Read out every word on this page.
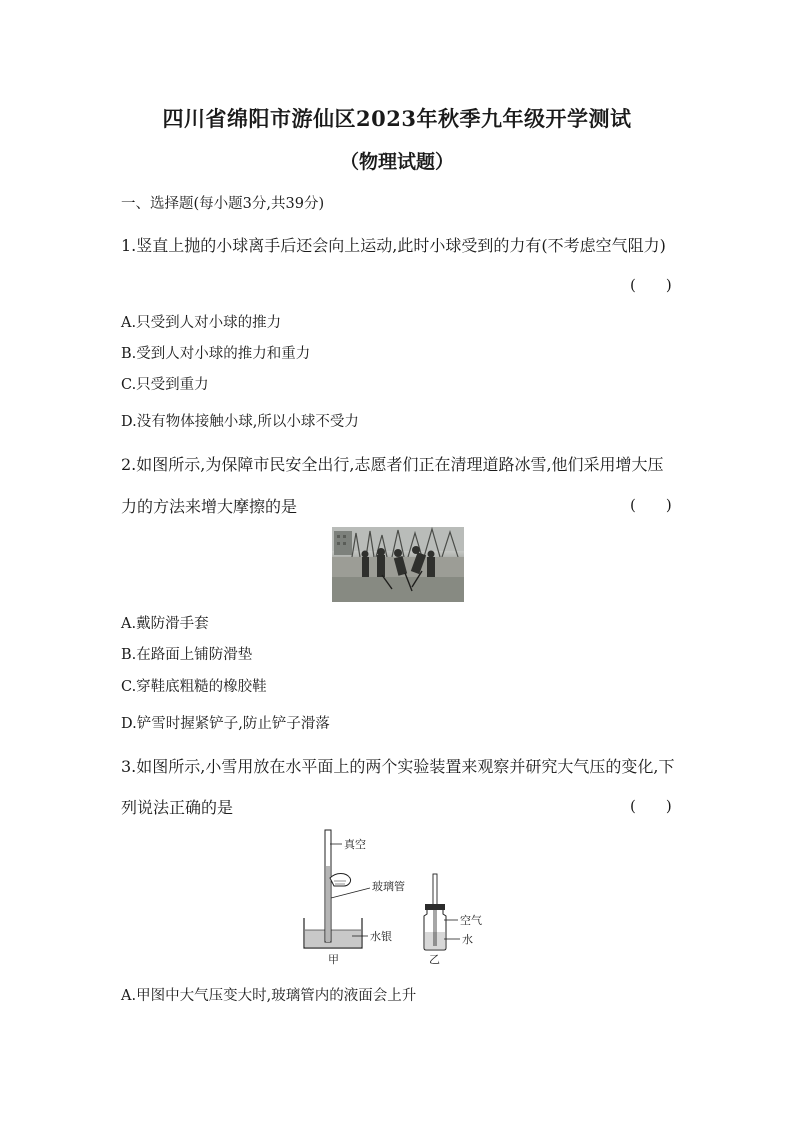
四川省绵阳市游仙区2023年秋季九年级开学测试
（物理试题）
一、选择题(每小题3分,共39分)
1.竖直上抛的小球离手后还会向上运动,此时小球受到的力有(不考虑空气阻力)
(　　)
A.只受到人对小球的推力
B.受到人对小球的推力和重力
C.只受到重力
D.没有物体接触小球,所以小球不受力
2.如图所示,为保障市民安全出行,志愿者们正在清理道路冰雪,他们采用增大压
力的方法来增大摩擦的是	(　　)
A.戴防滑手套
B.在路面上铺防滑垫
C.穿鞋底粗糙的橡胶鞋
D.铲雪时握紧铲子,防止铲子滑落
3.如图所示,小雪用放在水平面上的两个实验装置来观察并研究大气压的变化,下
列说法正确的是	(　　)
真空
玻璃管
水银
甲
空气
水
乙
A.甲图中大气压变大时,玻璃管内的液面会上升
